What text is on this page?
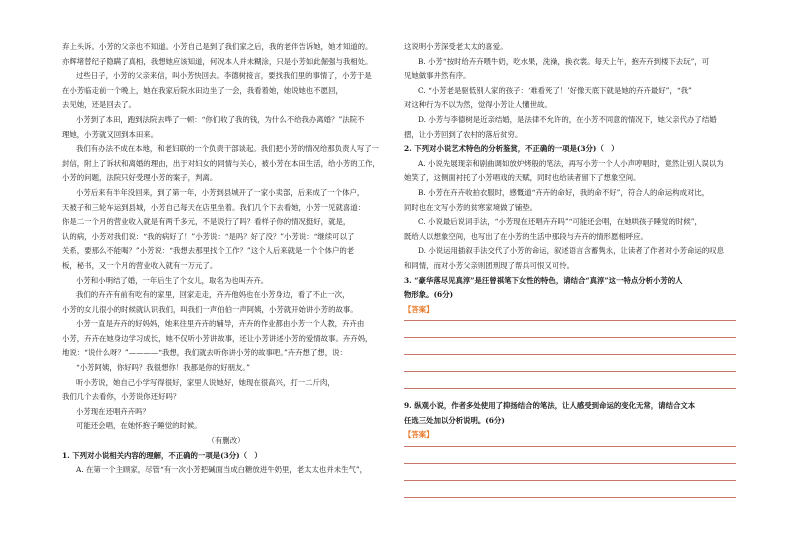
弃上头诉。小芳的父亲也不知道。小芳自己是到了我们家之后，我的老伴告诉她，她才知道的。
亦辉堵替纪子隐瞒了真相，我想她应该知道，何况本人并未糊涂，只是小芳如此倔强与我相处。
过些日子，小芳的父亲来信，叫小芳快回去。李德树接言，要找我们里的事情了，小芳于是
在小芳临走前一个晚上，她在我家后院水田边坐了一会，我看着她，她说她也不愿回，
去见她，还是回去了。
小芳到了本田，跑到法院去哗了一顿：“你们收了我的钱，为什么不给我办离婚？”法院不
理她，小芳就又回到本田来。
我们有办法不成在本地，和老妇联的一个负责干部谈起。我们把小芳的情况给那负责人写了一
封信，附上了诉状和离婚的理由，出于对妇女的同情与关心，被小芳在本田生活，给小芳的工作，
小芳的问题，法院只好受理小芳的案子，判离。
小芳后来有半年没回来，到了第一年，小芳到县城开了一家小卖部，后来成了一个体户，
天被子和三轮车运到县城，小芳自己每天在店里坐着。我们几个下去看她，小芳一见就喜道：
你是二一个月的营业收入就是有两千多元，不是说行了吗？看样子你的情况挺好，就是，
认的病，小芳对我们说：“我的病好了！”小芳说：“是吗？好了没？”小芳说：“继续可以了
关系，要那么不能喝？”小芳说：“我想去那里找个工作？”这个人后来就是一个个体户的老
板，秘书，又一个月的营业收入就有一万元了。
小芳和小明结了婚，一年后生了个女儿，取名为也叫卉卉。
我们的卉卉有前有吃有的家里，回家走走，卉卉他妈也在小芳身边，看了不止一次，
小芳的女儿很小的时候就认识我们，叫我们一声伯伯一声阿姨，小芳就开始讲小芳的故事。
小芳一直是卉卉的好妈妈，她来往里卉卉的辅导，卉卉的作业都由小芳一个人教，卉卉由
小芳，卉卉在她身边学习成长，她不仅听小芳讲故事，还让小芳讲述小芳的爱情故事。卉卉妈，
地说：“说什么呀？”————“我想，我们就去听你讲小芳的故事吧。”卉卉想了想，说：
“小芳阿姨，你好吗？我很想你！我都是你的好朋友。”
听小芳说，她自己小学写得很好，家里人说她好，她现在很高兴，打一二斤肉，
我们几个去看你，小芳说你还好吗？
小芳现在还唱卉卉吗？
可能还会唱，在她怀抱子睡觉的时候。
（有删改）
1. 下列对小说相关内容的理解，不正确的一项是(3分)（　）
A. 在第一个主顾家，尽管“有一次小芳把碱面当成白糖放进牛奶里，老太太也并未生气”，
这说明小芳深受老太太的喜爱。
B. 小芳“按时给卉卉喂牛奶，吃水果，洗澡，换衣裳。每天上午，抱卉卉到楼下去玩”，可
见她做事井然有序。
C. “小芳老是驱低别人家的孩子：‘难看死了！’好像天底下就是她的卉卉最好”，“我”
对这种行为不以为然，觉得小芳让人懂世故。
D. 小芳与李德树是近亲结婚，是法律不允许的，在小芳不同意的情况下，她父亲代办了结婚
摺，让小芳回到了农村的落后贫穷。
2. 下列对小说艺术特色的分析鉴赏，不正确的一项是(3分)（　）
A. 小说先展现亲和剧曲调如放炉烤般的笔法，再写小芳一个人小声哼唱时，竟然让别人误以为
她笑了，这侧面衬托了小芳唱戏的天赋，同时也给读者留下了想象空间。
B. 小芳在卉卉收拍衣服时，感慨道“卉卉的命好，我的命不好”，符合人的命运构成对比，
同时也在文写小芳的贫寒家境做了铺垫。
C. 小说最后说词手法，“小芳现在还唱卉卉吗”“可能还会唱，在她哄孩子睡觉的时候”，
既给人以想象空间，也写出了在小芳的生活中那段与卉卉的情形愿相呼应。
D. 小说运用插叙手法交代了小芳的命运，叙述语言含蓄隽永，让读者了作者对小芳命运的叹息
和同情，而对小芳父亲则团刑现了帮兵可恨又可怜。
3. “豪华落尽见真淳”是汪曾祺笔下女性的特色，请结合“真淳”这一特点分析小芳的人
物形象。(6分)
【答案】
9. 纵观小说，作者多处使用了抑扬结合的笔法，让人感受到命运的变化无常，请结合文本
任选三处加以分析说明。(6分)
【答案】
